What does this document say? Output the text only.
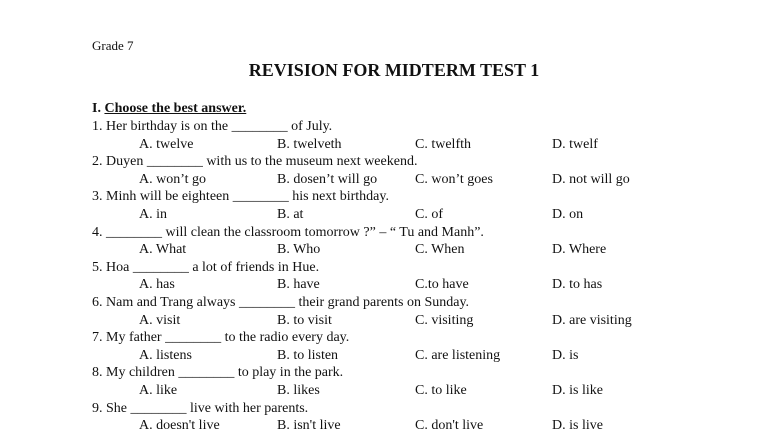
Grade 7
REVISION FOR MIDTERM TEST 1
I. Choose the best answer.
1. Her birthday is on the ________ of July.
A. twelve	B. twelveth	C. twelfth	D. twelf
2. Duyen ________ with us to the museum next weekend.
A. won’t go	B. dosen’t will go	C. won’t goes	D. not will go
3. Minh will be eighteen ________ his next birthday.
A. in	B. at	C. of	D. on
4. ________ will clean the classroom tomorrow ?” – “ Tu and Manh”.
A. What	B. Who	C. When	D. Where
5. Hoa ________ a lot of friends in Hue.
A. has	B. have	C.to have	D. to has
6. Nam and Trang always ________ their grand parents on Sunday.
A. visit	B. to visit	C. visiting	D. are visiting
7. My father ________ to the radio every day.
A. listens	B. to listen	C. are listening	D. is
8. My children ________ to play in the park.
A. like	B. likes	C. to like	D. is like
9. She ________ live with her parents.
A. doesn't live	B. isn't live	C. don't live	D. is live
